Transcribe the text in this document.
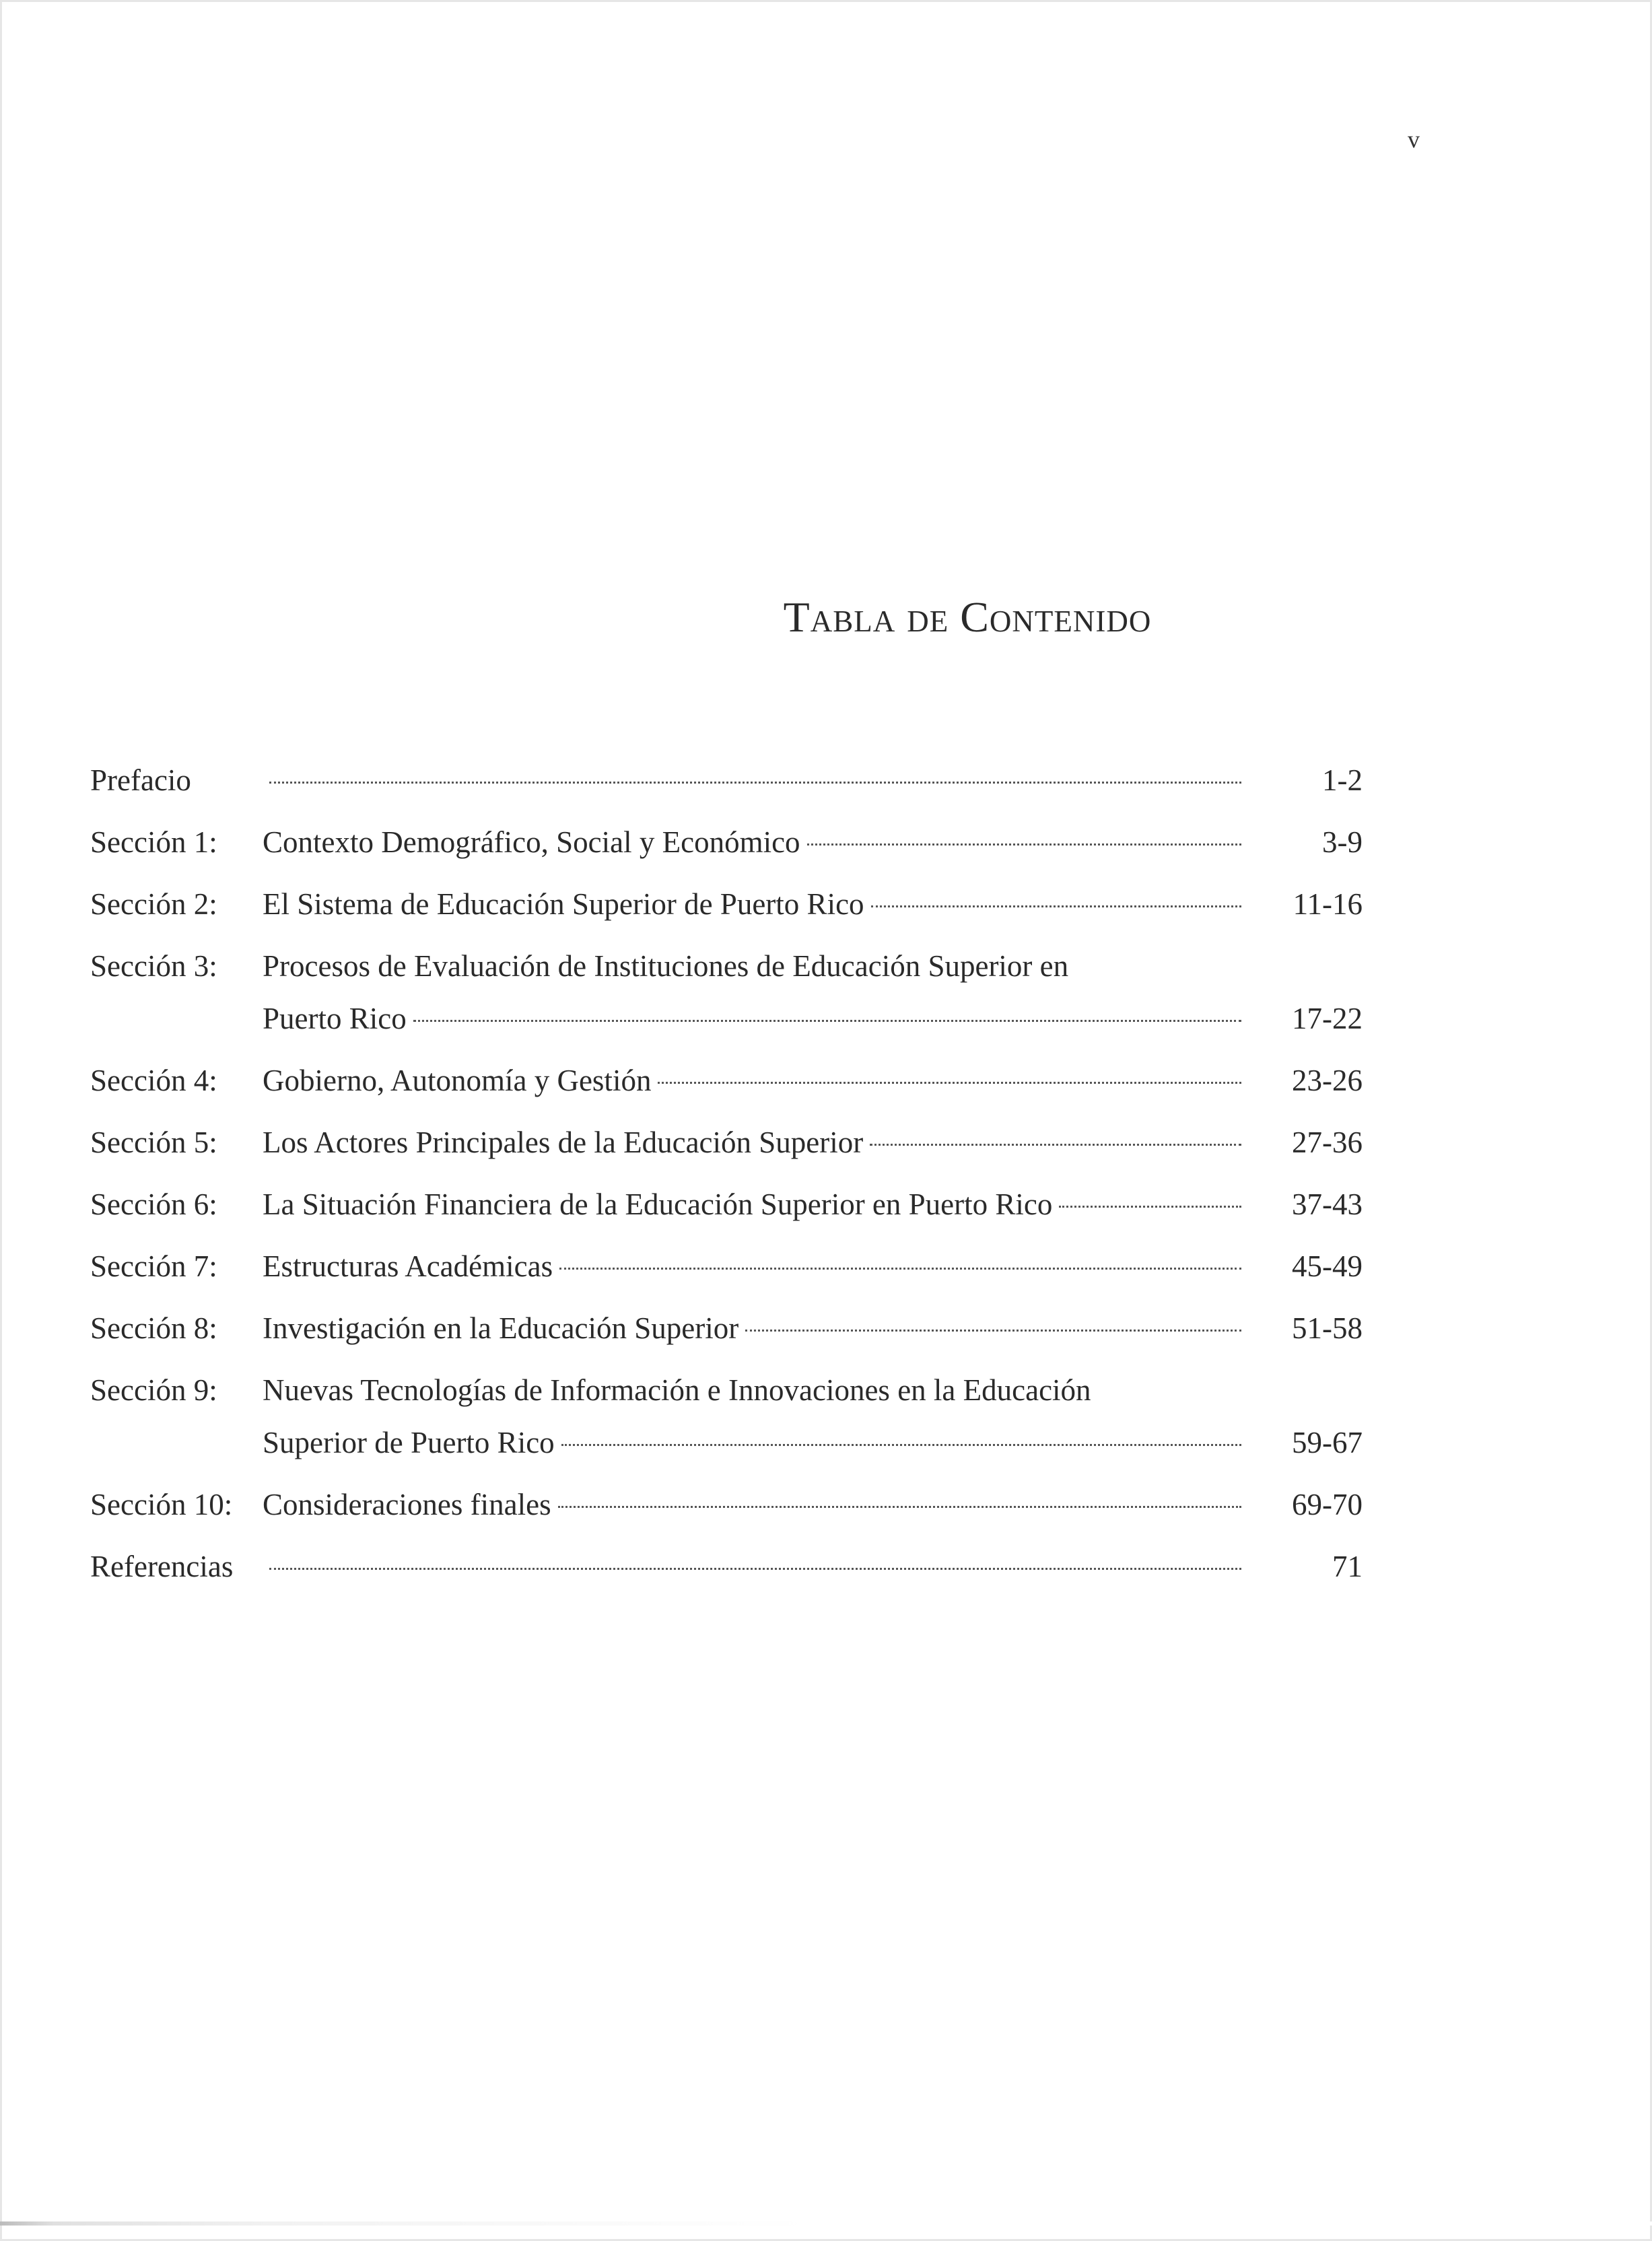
v
Tabla de Contenido
Prefacio	1-2
Sección 1:	Contexto Demográfico, Social y Económico	3-9
Sección 2:	El Sistema de Educación Superior de Puerto Rico	11-16
Sección 3:	Procesos de Evaluación de Instituciones de Educación Superior en
Puerto Rico	17-22
Sección 4:	Gobierno, Autonomía y Gestión	23-26
Sección 5:	Los Actores Principales de la Educación Superior	27-36
Sección 6:	La Situación Financiera de la Educación Superior en Puerto Rico	37-43
Sección 7:	Estructuras Académicas	45-49
Sección 8:	Investigación en la Educación Superior	51-58
Sección 9:	Nuevas Tecnologías de Información e Innovaciones en la Educación
Superior de Puerto Rico	59-67
Sección 10: Consideraciones finales	69-70
Referencias	71
